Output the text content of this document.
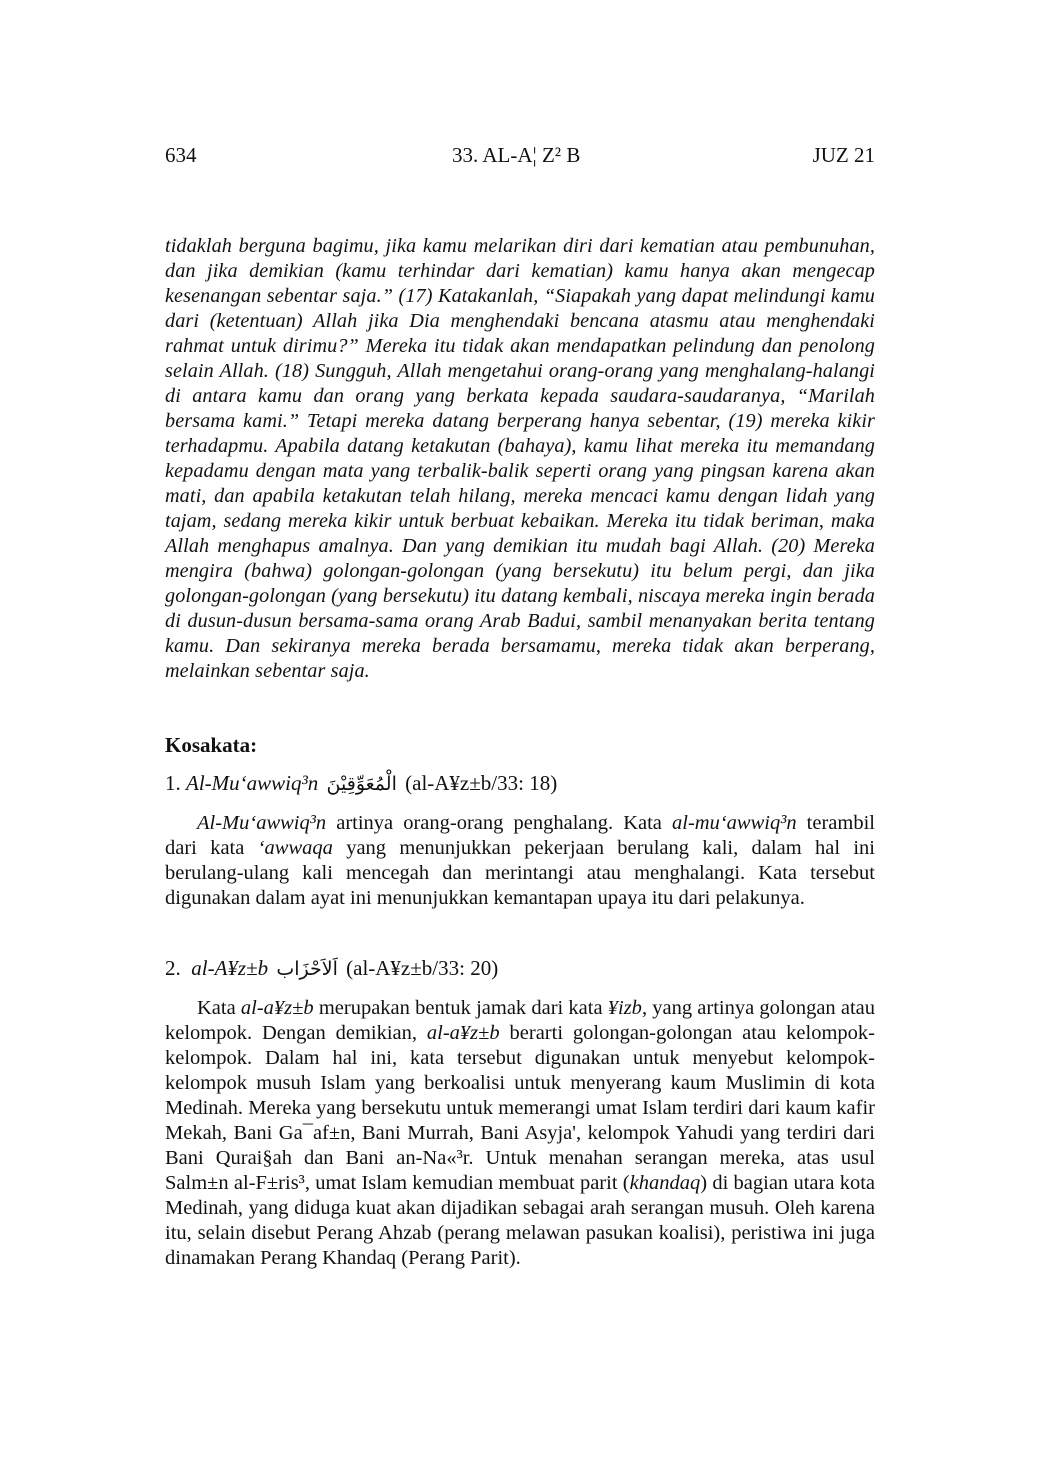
634	33. AL-A¦ Z² B	JUZ 21
tidaklah berguna bagimu, jika kamu melarikan diri dari kematian atau pembunuhan, dan jika demikian (kamu terhindar dari kematian) kamu hanya akan mengecap kesenangan sebentar saja.” (17) Katakanlah, “Siapakah yang dapat melindungi kamu dari (ketentuan) Allah jika Dia menghendaki bencana atasmu atau menghendaki rahmat untuk dirimu?” Mereka itu tidak akan mendapatkan pelindung dan penolong selain Allah. (18) Sungguh, Allah mengetahui orang-orang yang menghalang-halangi di antara kamu dan orang yang berkata kepada saudara-saudaranya, “Marilah bersama kami.” Tetapi mereka datang berperang hanya sebentar, (19) mereka kikir terhadapmu. Apabila datang ketakutan (bahaya), kamu lihat mereka itu memandang kepadamu dengan mata yang terbalik-balik seperti orang yang pingsan karena akan mati, dan apabila ketakutan telah hilang, mereka mencaci kamu dengan lidah yang tajam, sedang mereka kikir untuk berbuat kebaikan. Mereka itu tidak beriman, maka Allah menghapus amalnya. Dan yang demikian itu mudah bagi Allah. (20) Mereka mengira (bahwa) golongan-golongan (yang bersekutu) itu belum pergi, dan jika golongan-golongan (yang bersekutu) itu datang kembali, niscaya mereka ingin berada di dusun-dusun bersama-sama orang Arab Badui, sambil menanyakan berita tentang kamu. Dan sekiranya mereka berada bersamamu, mereka tidak akan berperang, melainkan sebentar saja.
Kosakata:
1. Al-Mu‘awwiq³n الْمُعَوِّقِيْنَ (al-A¥z±b/33: 18)
Al-Mu‘awwiq³n artinya orang-orang penghalang. Kata al-mu‘awwiq³n terambil dari kata ‘awwaqa yang menunjukkan pekerjaan berulang kali, dalam hal ini berulang-ulang kali mencegah dan merintangi atau menghalangi. Kata tersebut digunakan dalam ayat ini menunjukkan kemantapan upaya itu dari pelakunya.
2. al-A¥z±b اَلاَحْزَاب (al-A¥z±b/33: 20)
Kata al-a¥z±b merupakan bentuk jamak dari kata ¥izb, yang artinya golongan atau kelompok. Dengan demikian, al-a¥z±b berarti golongan-golongan atau kelompok-kelompok. Dalam hal ini, kata tersebut digunakan untuk menyebut kelompok-kelompok musuh Islam yang berkoalisi untuk menyerang kaum Muslimin di kota Medinah. Mereka yang bersekutu untuk memerangi umat Islam terdiri dari kaum kafir Mekah, Bani Ga¯af±n, Bani Murrah, Bani Asyja', kelompok Yahudi yang terdiri dari Bani Qurai§ah dan Bani an-Na«³r. Untuk menahan serangan mereka, atas usul Salm±n al-F±ris³, umat Islam kemudian membuat parit (khandaq) di bagian utara kota Medinah, yang diduga kuat akan dijadikan sebagai arah serangan musuh. Oleh karena itu, selain disebut Perang Ahzab (perang melawan pasukan koalisi), peristiwa ini juga dinamakan Perang Khandaq (Perang Parit).
